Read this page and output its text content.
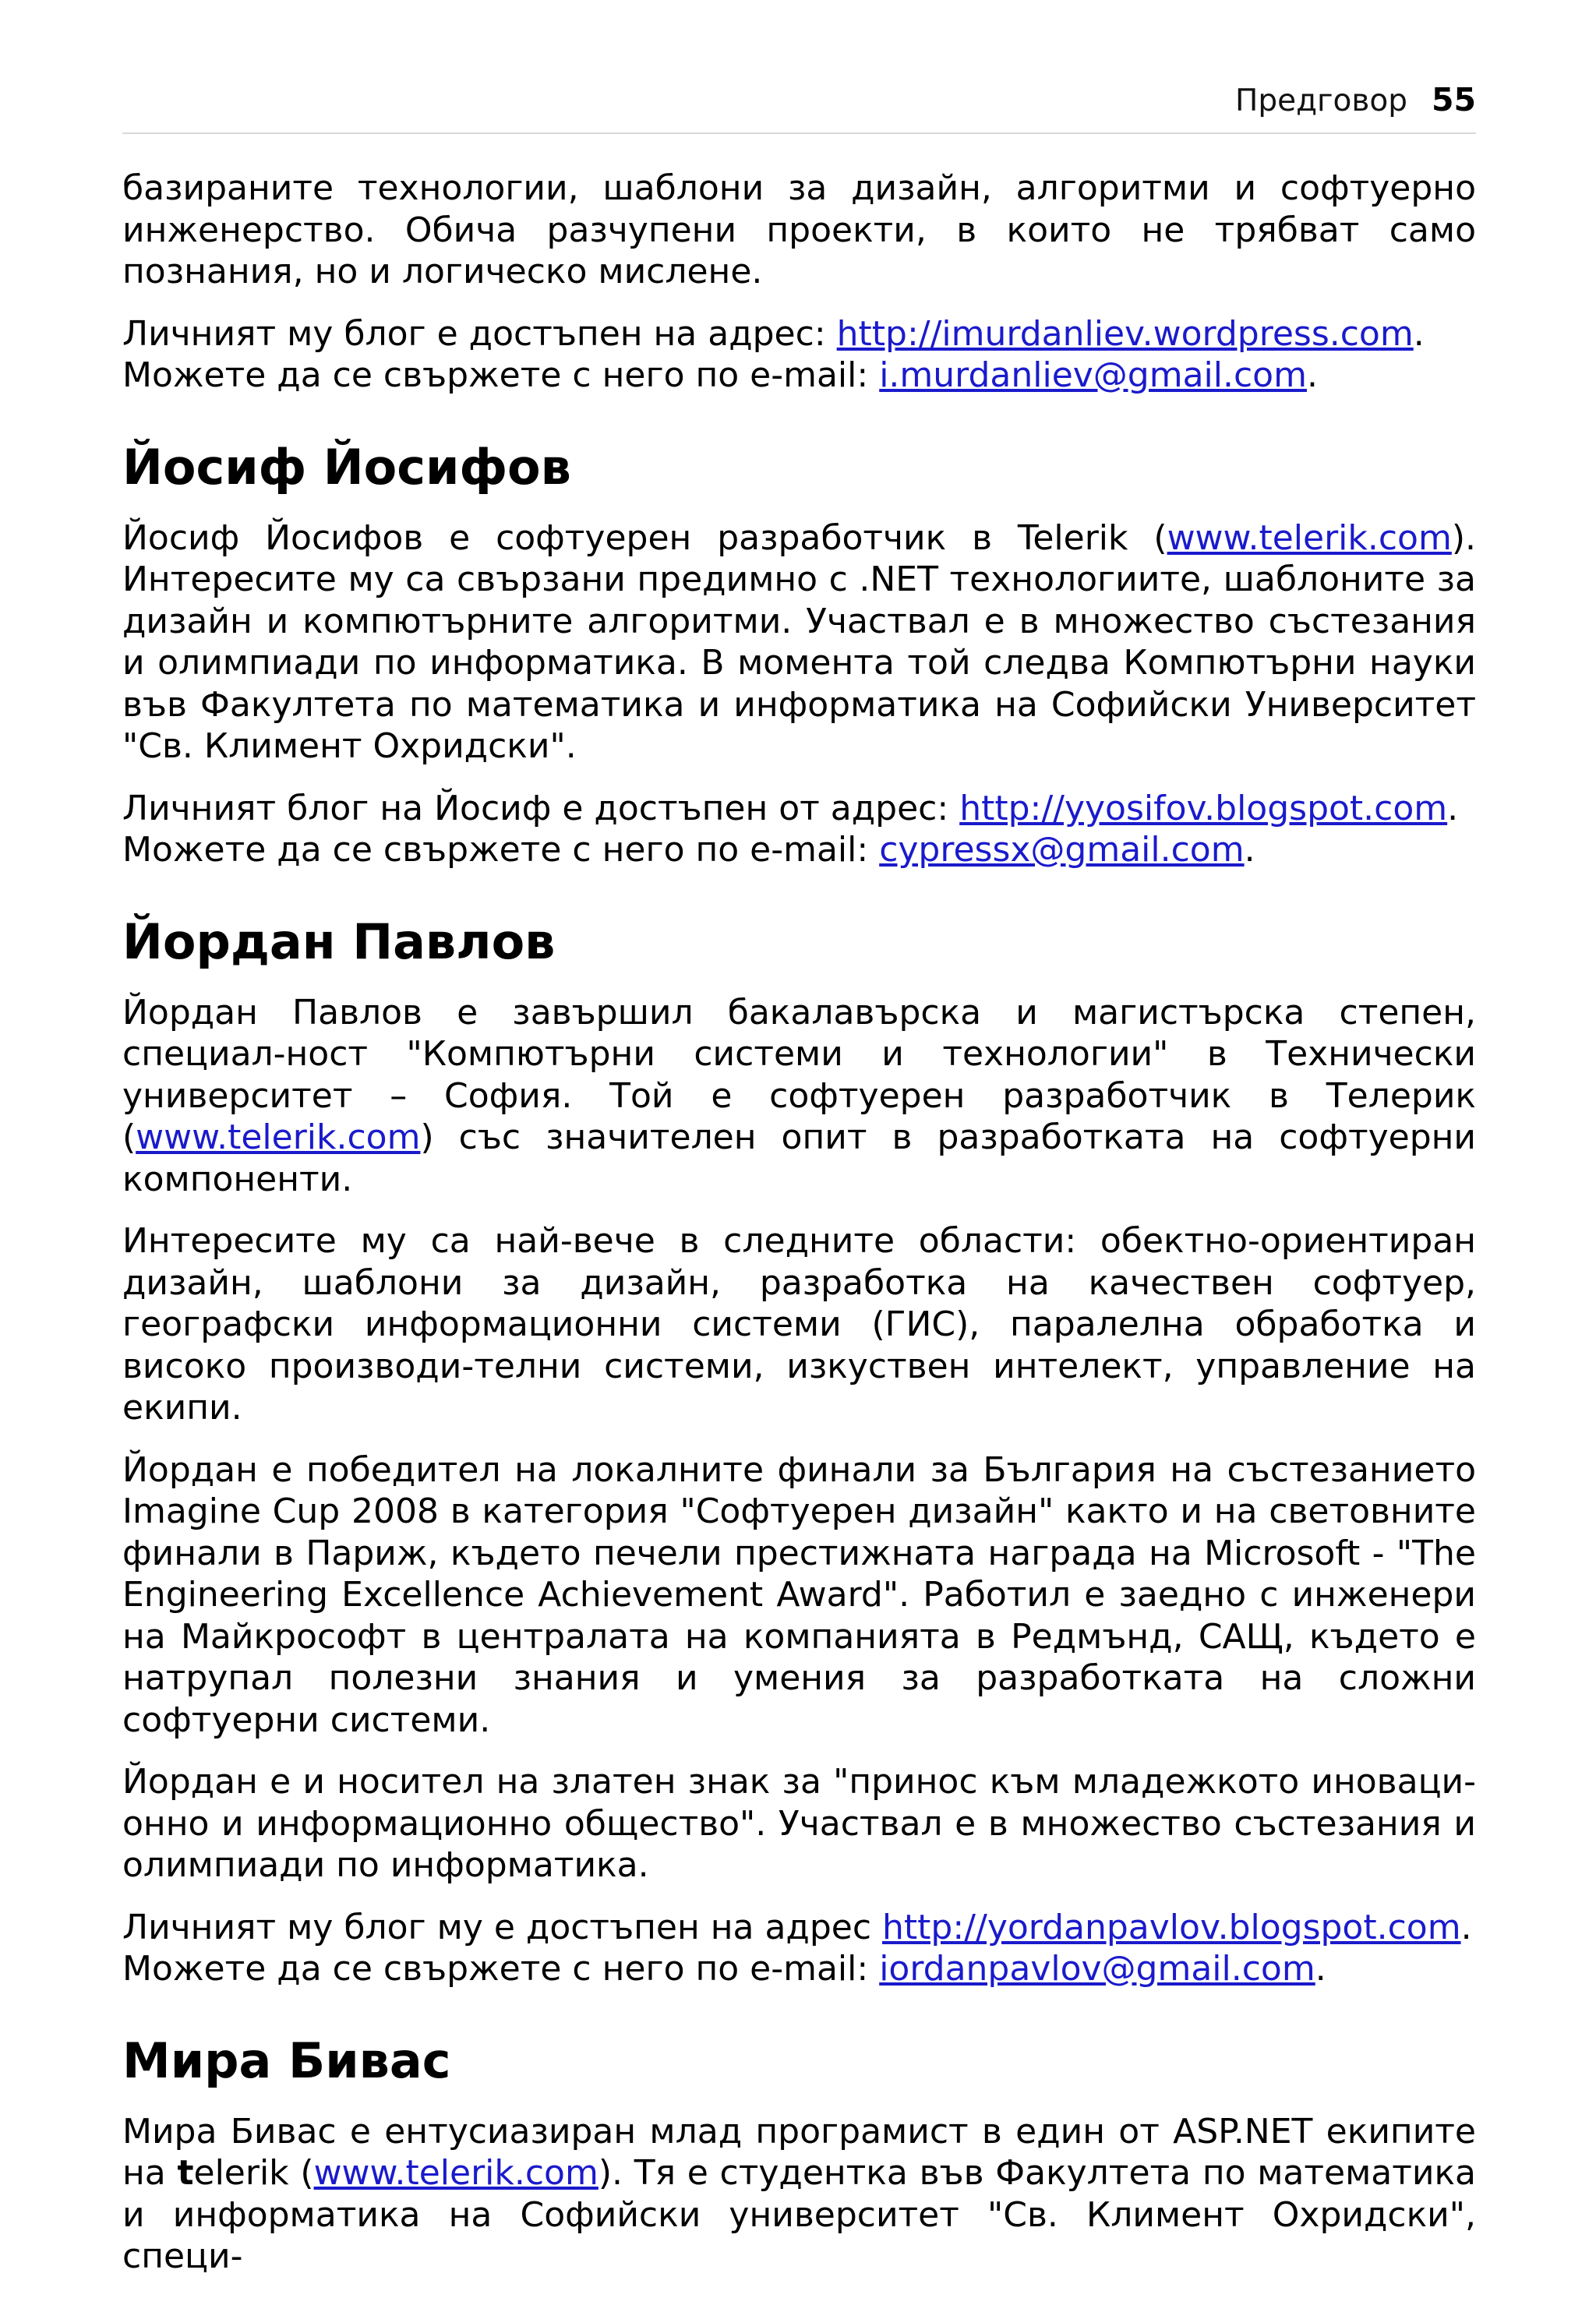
Предговор 55

базираните технологии, шаблони за дизайн, алгоритми и софтуерно инженерство. Обича разчупени проекти, в които не трябват само познания, но и логическо мислене.

Личният му блог е достъпен на адрес: http://imurdanliev.wordpress.com.
Можете да се свържете с него по e-mail: i.murdanliev@gmail.com.

Йосиф Йосифов

Йосиф Йосифов е софтуерен разработчик в Telerik (www.telerik.com). Интересите му са свързани предимно с .NET технологиите, шаблоните за дизайн и компютърните алгоритми. Участвал е в множество състезания и олимпиади по информатика. В момента той следва Компютърни науки във Факултета по математика и информатика на Софийски Университет "Св. Климент Охридски".

Личният блог на Йосиф е достъпен от адрес: http://yyosifov.blogspot.com.
Можете да се свържете с него по e-mail: cypressx@gmail.com.

Йордан Павлов

Йордан Павлов е завършил бакалавърска и магистърска степен, специал-ност "Компютърни системи и технологии" в Технически университет – София. Той е софтуерен разработчик в Телерик (www.telerik.com) със значителен опит в разработката на софтуерни компоненти.

Интересите му са най-вече в следните области: обектно-ориентиран дизайн, шаблони за дизайн, разработка на качествен софтуер, географски информационни системи (ГИС), паралелна обработка и високо производи-телни системи, изкуствен интелект, управление на екипи.

Йордан е победител на локалните финали за България на състезанието Imagine Cup 2008 в категория "Софтуерен дизайн" както и на световните финали в Париж, където печели престижната награда на Microsoft - "The Engineering Excellence Achievement Award". Работил е заедно с инженери на Майкрософт в централата на компанията в Редмънд, САЩ, където е натрупал полезни знания и умения за разработката на сложни софтуерни системи.

Йордан е и носител на златен знак за "принос към младежкото иноваци-онно и информационно общество". Участвал е в множество състезания и олимпиади по информатика.

Личният му блог му е достъпен на адрес http://yordanpavlov.blogspot.com.
Можете да се свържете с него по e-mail: iordanpavlov@gmail.com.

Мира Бивас

Мира Бивас е ентусиазиран млад програмист в един от ASP.NET екипите на telerik (www.telerik.com). Тя е студентка във Факултета по математика и информатика на Софийски университет "Св. Климент Охридски", специ-
